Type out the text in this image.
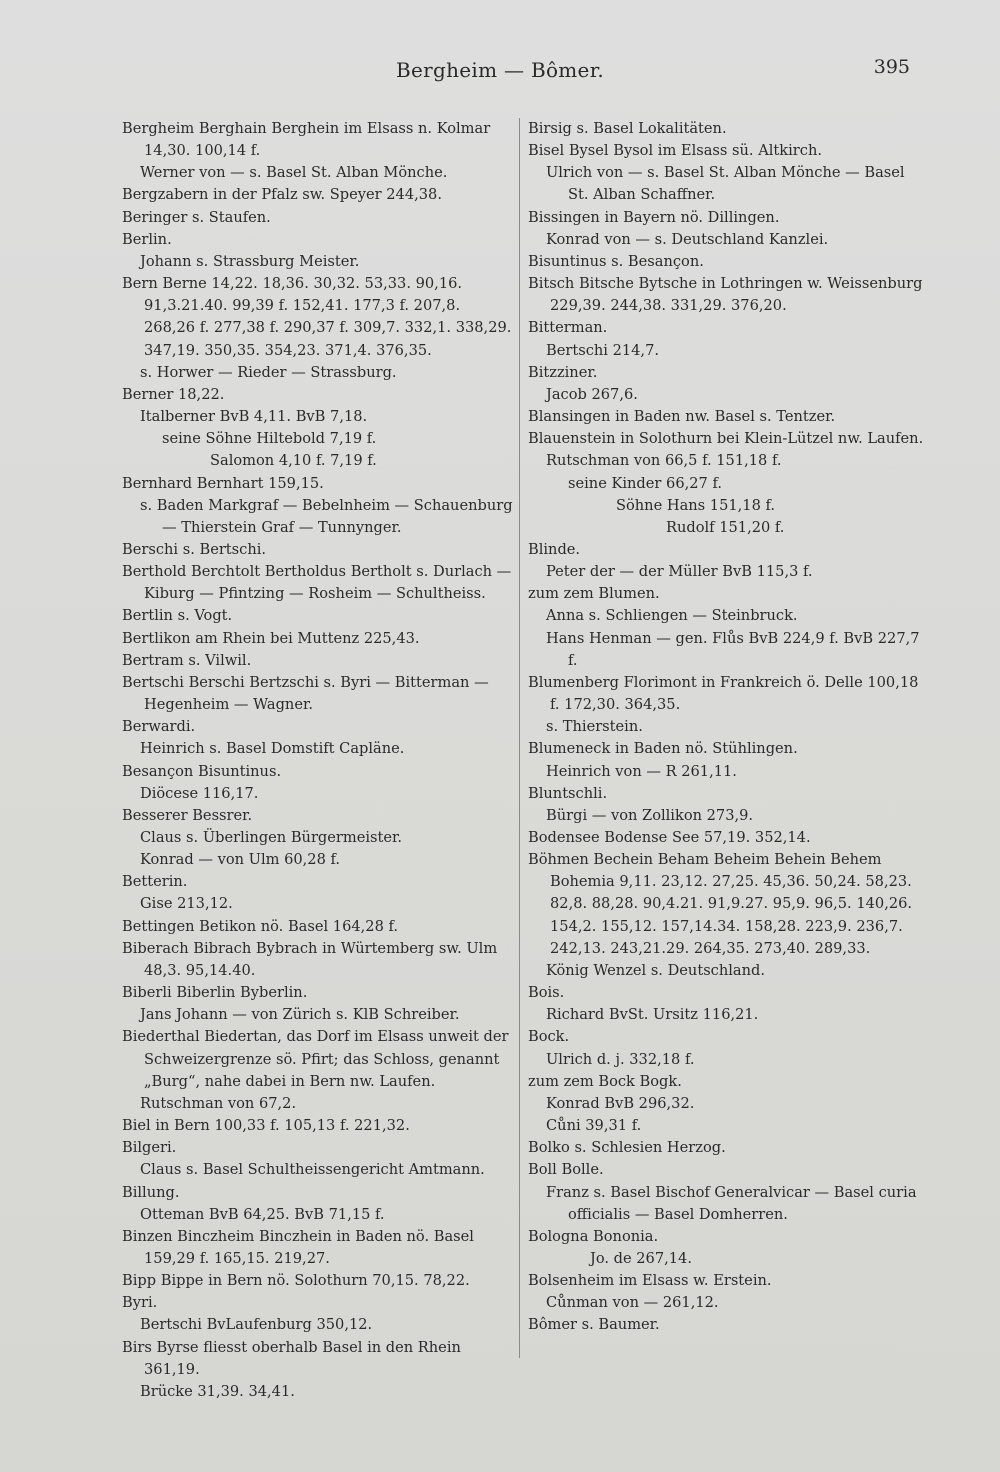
Bergheim — Bômer.	395

Bergheim Berghain Berghein im Elsass n. Kolmar 14,30. 100,14 f.

Werner von — s. Basel St. Alban Mönche.

Bergzabern in der Pfalz sw. Speyer 244,38.

Beringer s. Staufen.

Berlin.

Johann s. Strassburg Meister.

Bern Berne 14,22. 18,36. 30,32. 53,33. 90,16. 91,3.21.40. 99,39 f. 152,41. 177,3 f. 207,8. 268,26 f. 277,38 f. 290,37 f. 309,7. 332,1. 338,29. 347,19. 350,35. 354,23. 371,4. 376,35.

s. Horwer — Rieder — Strassburg.

Berner 18,22.

Italberner BvB 4,11. BvB 7,18.

seine Söhne Hiltebold 7,19 f.

Salomon 4,10 f. 7,19 f.

Bernhard Bernhart 159,15.

s. Baden Markgraf — Bebelnheim — Schauenburg — Thierstein Graf — Tunnynger.

Berschi s. Bertschi.

Berthold Berchtolt Bertholdus Bertholt s. Durlach — Kiburg — Pfintzing — Rosheim — Schultheiss.

Bertlin s. Vogt.

Bertlikon am Rhein bei Muttenz 225,43.

Bertram s. Vilwil.

Bertschi Berschi Bertzschi s. Byri — Bitterman — Hegenheim — Wagner.

Berwardi.

Heinrich s. Basel Domstift Capläne.

Besançon Bisuntinus.

Diöcese 116,17.

Besserer Bessrer.

Claus s. Überlingen Bürgermeister.

Konrad — von Ulm 60,28 f.

Betterin.

Gise 213,12.

Bettingen Betikon nö. Basel 164,28 f.

Biberach Bibrach Bybrach in Würtemberg sw. Ulm 48,3. 95,14.40.

Biberli Biberlin Byberlin.

Jans Johann — von Zürich s. KlB Schreiber.

Biederthal Biedertan, das Dorf im Elsass unweit der Schweizergrenze sö. Pfirt; das Schloss, genannt „Burg“, nahe dabei in Bern nw. Laufen.

Rutschman von 67,2.

Biel in Bern 100,33 f. 105,13 f. 221,32.

Bilgeri.

Claus s. Basel Schultheissengericht Amtmann.

Billung.

Otteman BvB 64,25. BvB 71,15 f.

Binzen Binczheim Binczhein in Baden nö. Basel 159,29 f. 165,15. 219,27.

Bipp Bippe in Bern nö. Solothurn 70,15. 78,22.

Byri.

Bertschi BvLaufenburg 350,12.

Birs Byrse fliesst oberhalb Basel in den Rhein 361,19.

Brücke 31,39. 34,41.

Birsig s. Basel Lokalitäten.

Bisel Bysel Bysol im Elsass sü. Altkirch.

Ulrich von — s. Basel St. Alban Mönche — Basel St. Alban Schaffner.

Bissingen in Bayern nö. Dillingen.

Konrad von — s. Deutschland Kanzlei.

Bisuntinus s. Besançon.

Bitsch Bitsche Bytsche in Lothringen w. Weissenburg 229,39. 244,38. 331,29. 376,20.

Bitterman.

Bertschi 214,7.

Bitzziner.

Jacob 267,6.

Blansingen in Baden nw. Basel s. Tentzer.

Blauenstein in Solothurn bei Klein-Lützel nw. Laufen.

Rutschman von 66,5 f. 151,18 f.

seine Kinder 66,27 f.

Söhne Hans 151,18 f.

Rudolf 151,20 f.

Blinde.

Peter der — der Müller BvB 115,3 f.

zum zem Blumen.

Anna s. Schliengen — Steinbruck.

Hans Henman — gen. Flůs BvB 224,9 f. BvB 227,7 f.

Blumenberg Florimont in Frankreich ö. Delle 100,18 f. 172,30. 364,35.

s. Thierstein.

Blumeneck in Baden nö. Stühlingen.

Heinrich von — R 261,11.

Bluntschli.

Bürgi — von Zollikon 273,9.

Bodensee Bodense See 57,19. 352,14.

Böhmen Bechein Beham Beheim Behein Behem Bohemia 9,11. 23,12. 27,25. 45,36. 50,24. 58,23. 82,8. 88,28. 90,4.21. 91,9.27. 95,9. 96,5. 140,26. 154,2. 155,12. 157,14.34. 158,28. 223,9. 236,7. 242,13. 243,21.29. 264,35. 273,40. 289,33.

König Wenzel s. Deutschland.

Bois.

Richard BvSt. Ursitz 116,21.

Bock.

Ulrich d. j. 332,18 f.

zum zem Bock Bogk.

Konrad BvB 296,32.

Cůni 39,31 f.

Bolko s. Schlesien Herzog.

Boll Bolle.

Franz s. Basel Bischof Generalvicar — Basel curia officialis — Basel Domherren.

Bologna Bononia.

Jo. de 267,14.

Bolsenheim im Elsass w. Erstein.

Cůnman von — 261,12.

Bômer s. Baumer.
